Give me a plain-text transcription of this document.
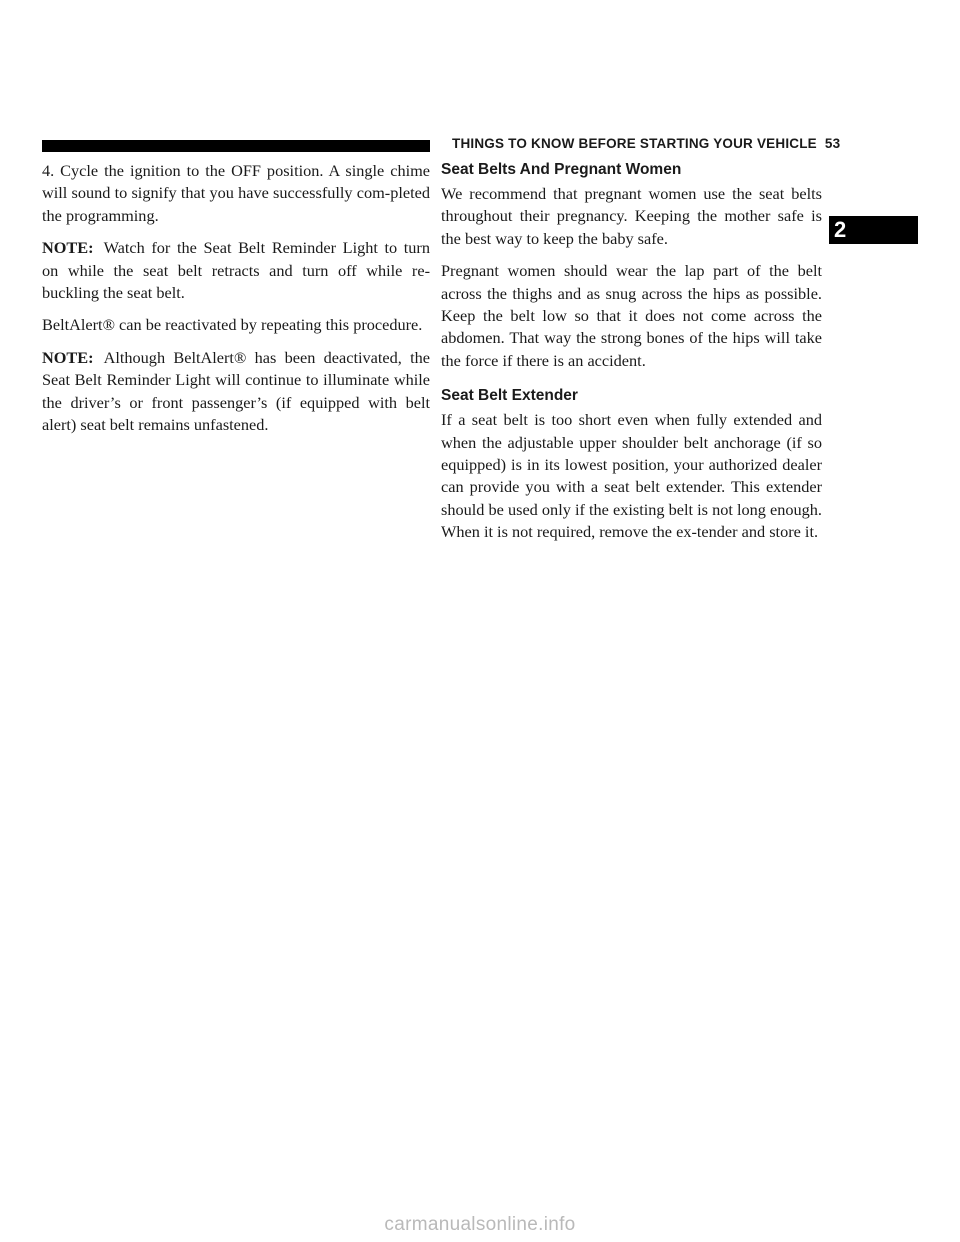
THINGS TO KNOW BEFORE STARTING YOUR VEHICLE 53
2

4. Cycle the ignition to the OFF position. A single chime will sound to signify that you have successfully com-pleted the programming.

NOTE: Watch for the Seat Belt Reminder Light to turn on while the seat belt retracts and turn off while re-buckling the seat belt.

BeltAlert® can be reactivated by repeating this procedure.

NOTE: Although BeltAlert® has been deactivated, the Seat Belt Reminder Light will continue to illuminate while the driver’s or front passenger’s (if equipped with belt alert) seat belt remains unfastened.

Seat Belts And Pregnant Women

We recommend that pregnant women use the seat belts throughout their pregnancy. Keeping the mother safe is the best way to keep the baby safe.

Pregnant women should wear the lap part of the belt across the thighs and as snug across the hips as possible. Keep the belt low so that it does not come across the abdomen. That way the strong bones of the hips will take the force if there is an accident.

Seat Belt Extender

If a seat belt is too short even when fully extended and when the adjustable upper shoulder belt anchorage (if so equipped) is in its lowest position, your authorized dealer can provide you with a seat belt extender. This extender should be used only if the existing belt is not long enough. When it is not required, remove the ex-tender and store it.

carmanualsonline.info
